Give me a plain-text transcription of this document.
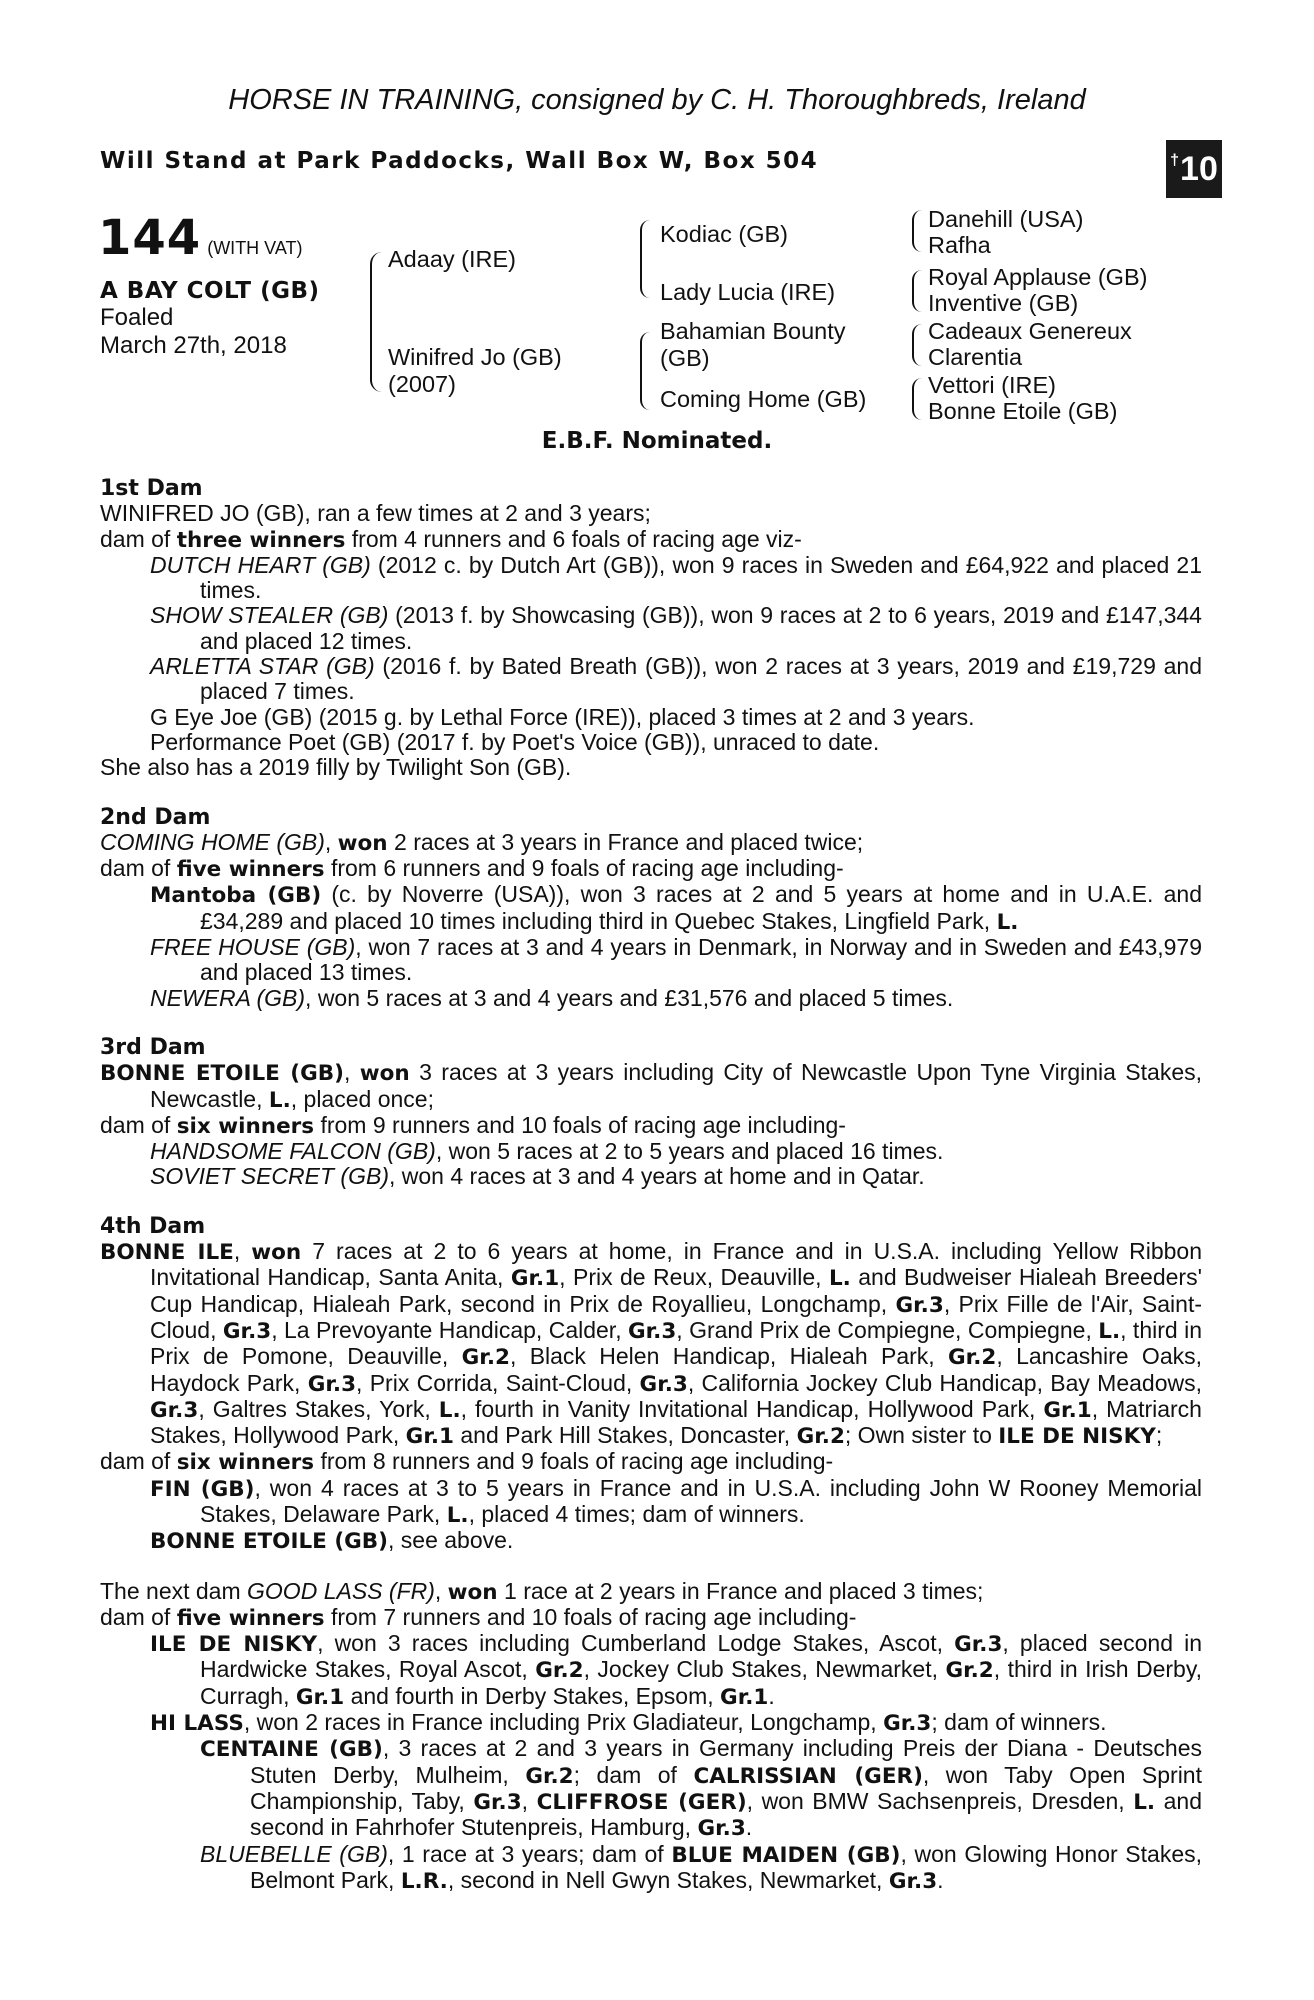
HORSE IN TRAINING, consigned by C. H. Thoroughbreds, Ireland
Will Stand at Park Paddocks, Wall Box W, Box 504	† 10
144 (WITH VAT)
A BAY COLT (GB)
Foaled
March 27th, 2018
Adaay (IRE)
Winifred Jo (GB)
(2007)
Kodiac (GB)
Lady Lucia (IRE)
Bahamian Bounty
(GB)
Coming Home (GB)
Danehill (USA)
Rafha
Royal Applause (GB)
Inventive (GB)
Cadeaux Genereux
Clarentia
Vettori (IRE)
Bonne Etoile (GB)
E.B.F. Nominated.
1st Dam
WINIFRED JO (GB), ran a few times at 2 and 3 years;
dam of three winners from 4 runners and 6 foals of racing age viz-
DUTCH HEART (GB) (2012 c. by Dutch Art (GB)), won 9 races in Sweden and £64,922 and placed 21 times.
SHOW STEALER (GB) (2013 f. by Showcasing (GB)), won 9 races at 2 to 6 years, 2019 and £147,344 and placed 12 times.
ARLETTA STAR (GB) (2016 f. by Bated Breath (GB)), won 2 races at 3 years, 2019 and £19,729 and placed 7 times.
G Eye Joe (GB) (2015 g. by Lethal Force (IRE)), placed 3 times at 2 and 3 years.
Performance Poet (GB) (2017 f. by Poet's Voice (GB)), unraced to date.
She also has a 2019 filly by Twilight Son (GB).
2nd Dam
COMING HOME (GB), won 2 races at 3 years in France and placed twice;
dam of five winners from 6 runners and 9 foals of racing age including-
Mantoba (GB) (c. by Noverre (USA)), won 3 races at 2 and 5 years at home and in U.A.E. and £34,289 and placed 10 times including third in Quebec Stakes, Lingfield Park, L.
FREE HOUSE (GB), won 7 races at 3 and 4 years in Denmark, in Norway and in Sweden and £43,979 and placed 13 times.
NEWERA (GB), won 5 races at 3 and 4 years and £31,576 and placed 5 times.
3rd Dam
BONNE ETOILE (GB), won 3 races at 3 years including City of Newcastle Upon Tyne Virginia Stakes, Newcastle, L., placed once;
dam of six winners from 9 runners and 10 foals of racing age including-
HANDSOME FALCON (GB), won 5 races at 2 to 5 years and placed 16 times.
SOVIET SECRET (GB), won 4 races at 3 and 4 years at home and in Qatar.
4th Dam
BONNE ILE, won 7 races at 2 to 6 years at home, in France and in U.S.A. including Yellow Ribbon Invitational Handicap, Santa Anita, Gr.1, Prix de Reux, Deauville, L. and Budweiser Hialeah Breeders' Cup Handicap, Hialeah Park, second in Prix de Royallieu, Longchamp, Gr.3, Prix Fille de l'Air, Saint-Cloud, Gr.3, La Prevoyante Handicap, Calder, Gr.3, Grand Prix de Compiegne, Compiegne, L., third in Prix de Pomone, Deauville, Gr.2, Black Helen Handicap, Hialeah Park, Gr.2, Lancashire Oaks, Haydock Park, Gr.3, Prix Corrida, Saint-Cloud, Gr.3, California Jockey Club Handicap, Bay Meadows, Gr.3, Galtres Stakes, York, L., fourth in Vanity Invitational Handicap, Hollywood Park, Gr.1, Matriarch Stakes, Hollywood Park, Gr.1 and Park Hill Stakes, Doncaster, Gr.2; Own sister to ILE DE NISKY;
dam of six winners from 8 runners and 9 foals of racing age including-
FIN (GB), won 4 races at 3 to 5 years in France and in U.S.A. including John W Rooney Memorial Stakes, Delaware Park, L., placed 4 times; dam of winners.
BONNE ETOILE (GB), see above.
The next dam GOOD LASS (FR), won 1 race at 2 years in France and placed 3 times;
dam of five winners from 7 runners and 10 foals of racing age including-
ILE DE NISKY, won 3 races including Cumberland Lodge Stakes, Ascot, Gr.3, placed second in Hardwicke Stakes, Royal Ascot, Gr.2, Jockey Club Stakes, Newmarket, Gr.2, third in Irish Derby, Curragh, Gr.1 and fourth in Derby Stakes, Epsom, Gr.1.
HI LASS, won 2 races in France including Prix Gladiateur, Longchamp, Gr.3; dam of winners.
CENTAINE (GB), 3 races at 2 and 3 years in Germany including Preis der Diana - Deutsches Stuten Derby, Mulheim, Gr.2; dam of CALRISSIAN (GER), won Taby Open Sprint Championship, Taby, Gr.3, CLIFFROSE (GER), won BMW Sachsenpreis, Dresden, L. and second in Fahrhofer Stutenpreis, Hamburg, Gr.3.
BLUEBELLE (GB), 1 race at 3 years; dam of BLUE MAIDEN (GB), won Glowing Honor Stakes, Belmont Park, L.R., second in Nell Gwyn Stakes, Newmarket, Gr.3.
